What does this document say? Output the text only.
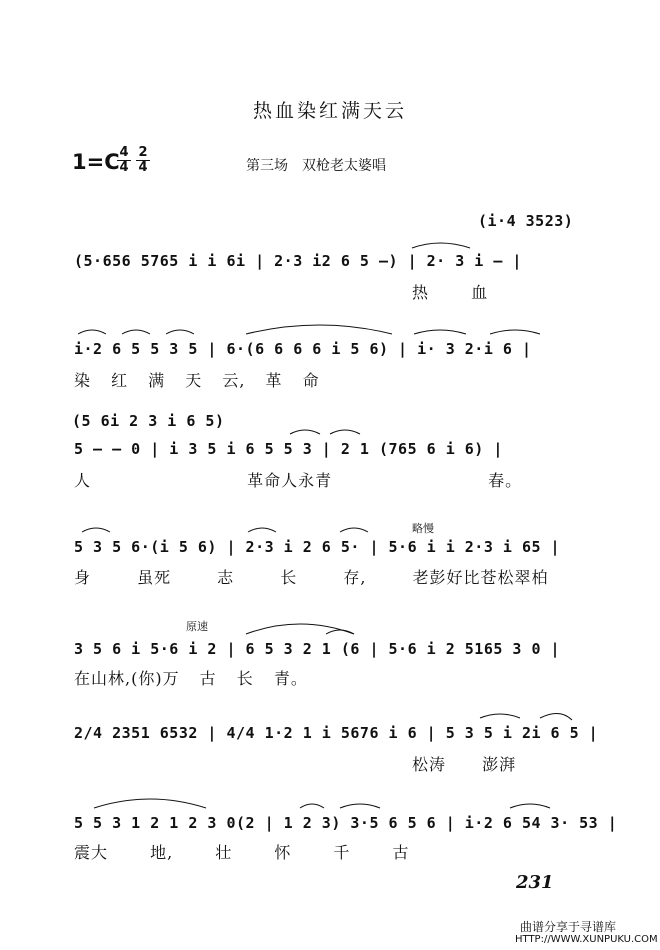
热血染红满天云
1=C 4
4
2
4	第三场　双枪老太婆唱
(i·4 3523)
(5·656 5765 i i 6i | 2·3 i2 6 5 —) | 2· 3 i — |
热 血
i·2 6 5 5 3 5 | 6·(6 6 6 6 i 5 6) | i· 3 2·i 6 |
染 红 满 天 云, 革 命
(5 6i 2 3 i 6 5)
5 — — 0 | i 3 5 i 6 5 5 3 | 2 1 (765 6 i 6) |
人 革命人永青 春。
略慢
5 3 5 6·(i 5 6) | 2·3 i 2 6 5· | 5·6 i i 2·3 i 65 |
身 虽死 志 长 存, 老彭好比苍松翠柏
原速
3 5 6 i 5·6 i 2 | 6 5 3 2 1 (6 | 5·6 i 2 5165 3 0 |
在山林,(你)万 古 长 青。
2/4 2351 6532 | 4/4 1·2 1 i 5676 i 6 | 5 3 5 i 2i 6 5 |
松涛 澎湃
5 5 3 1 2 1 2 3 0(2 | 1 2 3) 3·5 6 5 6 | i·2 6 54 3· 53 |
震大 地, 壮 怀 千 古
231
曲谱分享于寻谱库
HTTP://WWW.XUNPUKU.COM
